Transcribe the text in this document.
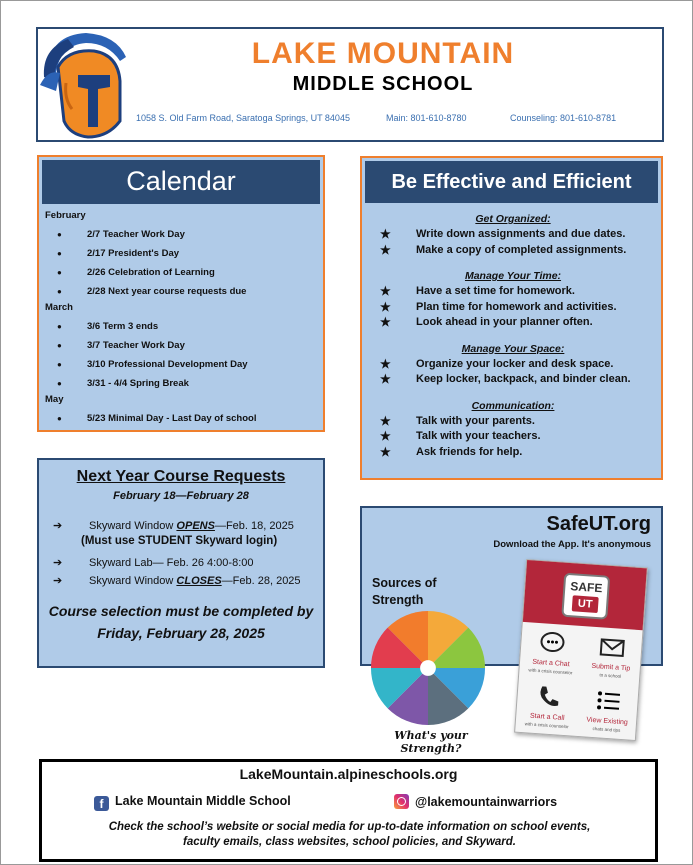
LAKE MOUNTAIN
MIDDLE SCHOOL
1058 S. Old Farm Road, Saratoga Springs, UT 84045	Main: 801-610-8780	Counseling: 801-610-8781
Calendar
February
● 2/7 Teacher Work Day
● 2/17 President's Day
● 2/26 Celebration of Learning
● 2/28 Next year course requests due
March
● 3/6 Term 3 ends
● 3/7 Teacher Work Day
● 3/10 Professional Development Day
● 3/31 - 4/4 Spring Break
May
● 5/23 Minimal Day - Last Day of school
Be Effective and Efficient
Get Organized:
★ Write down assignments and due dates.
★ Make a copy of completed assignments.
Manage Your Time:
★ Have a set time for homework.
★ Plan time for homework and activities.
★ Look ahead in your planner often.
Manage Your Space:
★ Organize your locker and desk space.
★ Keep locker, backpack, and binder clean.
Communication:
★ Talk with your parents.
★ Talk with your teachers.
★ Ask friends for help.
Next Year Course Requests
February 18—February 28
➔ Skyward Window OPENS—Feb. 18, 2025
(Must use STUDENT Skyward login)
➔ Skyward Lab— Feb. 26 4:00-8:00
➔ Skyward Window CLOSES—Feb. 28, 2025
Course selection must be completed by
Friday, February 28, 2025
SafeUT.org
Download the App. It's anonymous
Sources of
Strength
What's your Strength?
SAFE
UT
Start a Chat
with a crisis counselor	Submit a Tip
to a school
Start a Call
with a crisis counselor	View Existing
chats and tips
LakeMountain.alpineschools.org
f Lake Mountain Middle School	@lakemountainwarriors
Check the school’s website or social media for up-to-date information on school events,
faculty emails, class websites, school policies, and Skyward.
